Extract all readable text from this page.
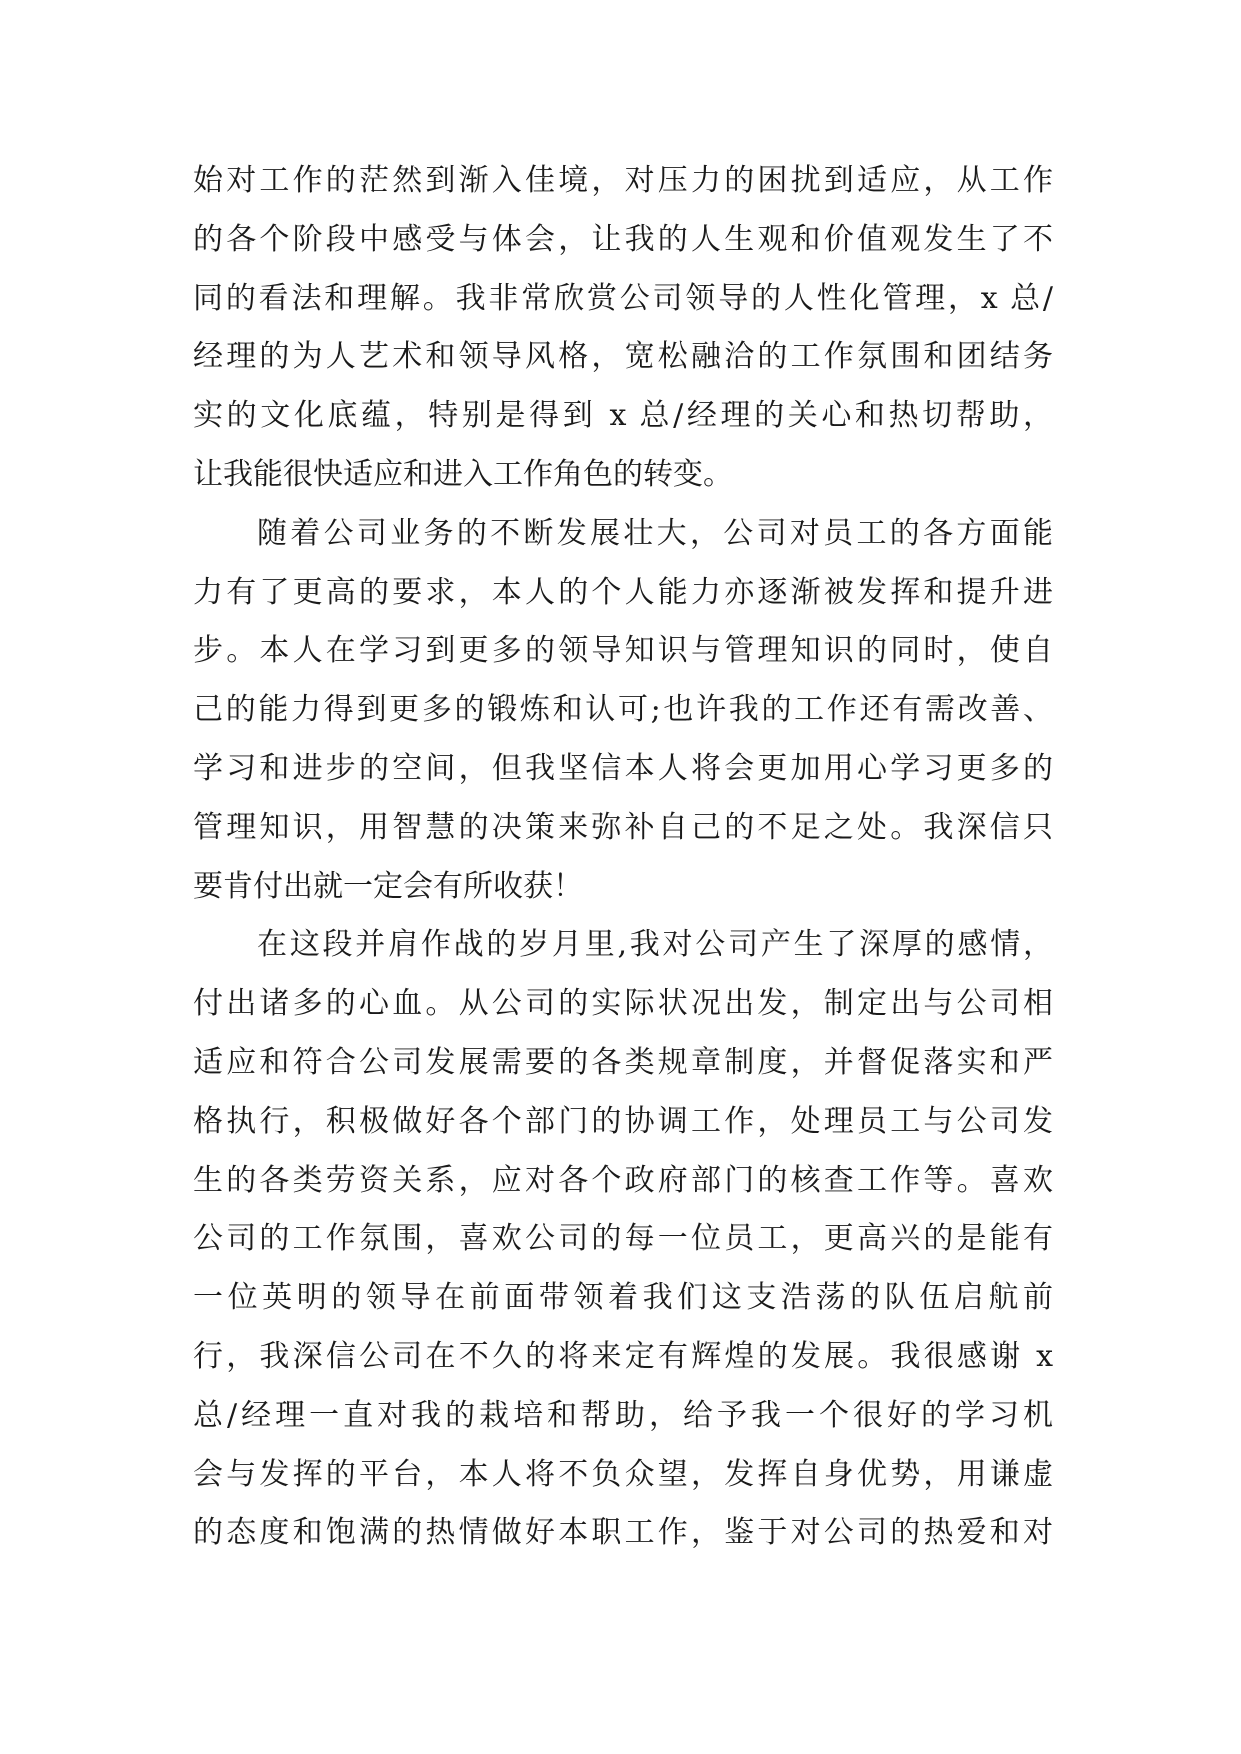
始对工作的茫然到渐入佳境，对压力的困扰到适应，从工作
的各个阶段中感受与体会，让我的人生观和价值观发生了不
同的看法和理解。我非常欣赏公司领导的人性化管理，x 总/
经理的为人艺术和领导风格，宽松融洽的工作氛围和团结务
实的文化底蕴，特别是得到 x 总/经理的关心和热切帮助，
让我能很快适应和进入工作角色的转变。
随着公司业务的不断发展壮大，公司对员工的各方面能
力有了更高的要求，本人的个人能力亦逐渐被发挥和提升进
步。本人在学习到更多的领导知识与管理知识的同时，使自
己的能力得到更多的锻炼和认可;也许我的工作还有需改善、
学习和进步的空间，但我坚信本人将会更加用心学习更多的
管理知识，用智慧的决策来弥补自己的不足之处。我深信只
要肯付出就一定会有所收获！
在这段并肩作战的岁月里,我对公司产生了深厚的感情，
付出诸多的心血。从公司的实际状况出发，制定出与公司相
适应和符合公司发展需要的各类规章制度，并督促落实和严
格执行，积极做好各个部门的协调工作，处理员工与公司发
生的各类劳资关系，应对各个政府部门的核查工作等。喜欢
公司的工作氛围，喜欢公司的每一位员工，更高兴的是能有
一位英明的领导在前面带领着我们这支浩荡的队伍启航前
行，我深信公司在不久的将来定有辉煌的发展。我很感谢 x
总/经理一直对我的栽培和帮助，给予我一个很好的学习机
会与发挥的平台，本人将不负众望，发挥自身优势，用谦虚
的态度和饱满的热情做好本职工作，鉴于对公司的热爱和对
